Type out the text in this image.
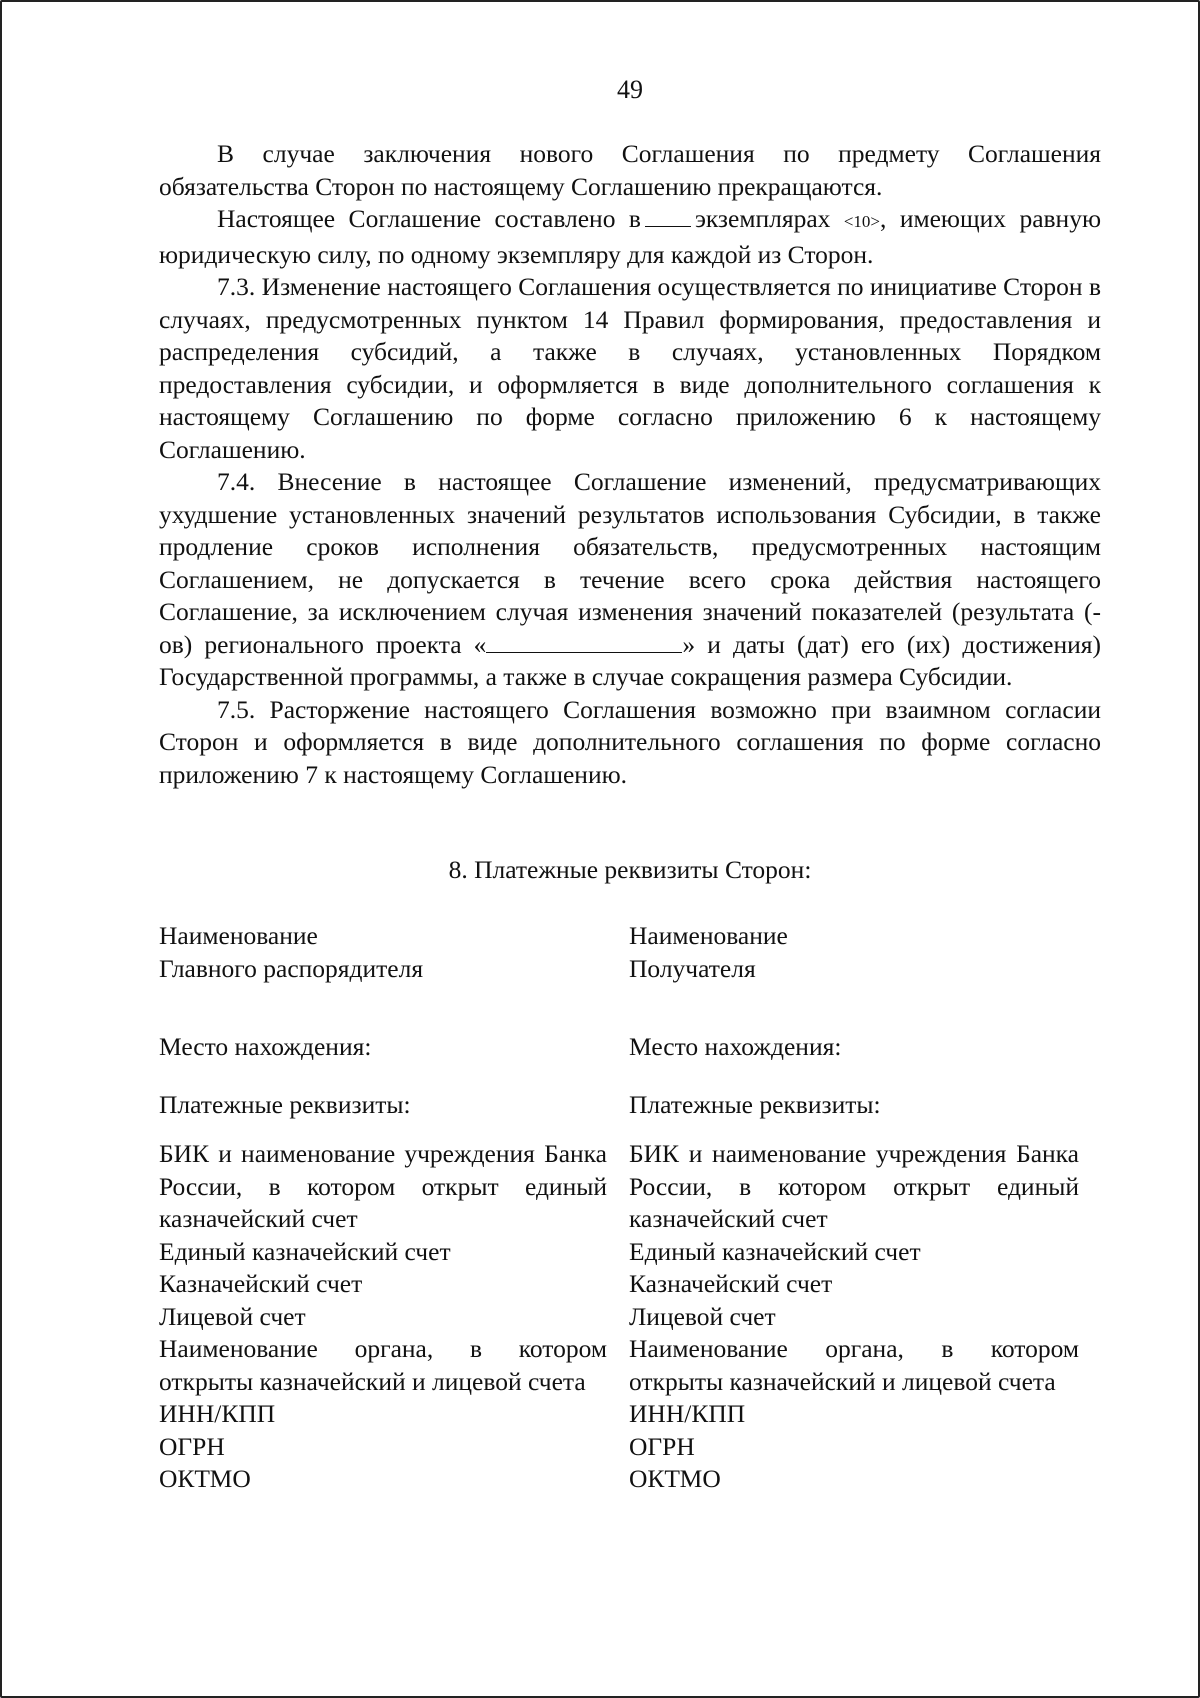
49

В случае заключения нового Соглашения по предмету Соглашения обязательства Сторон по настоящему Соглашению прекращаются.

Настоящее Соглашение составлено в экземплярах <10>, имеющих равную юридическую силу, по одному экземпляру для каждой из Сторон.

7.3. Изменение настоящего Соглашения осуществляется по инициативе Сторон в случаях, предусмотренных пунктом 14 Правил формирования, предоставления и распределения субсидий, а также в случаях, установленных Порядком предоставления субсидии, и оформляется в виде дополнительного соглашения к настоящему Соглашению по форме согласно приложению 6 к настоящему Соглашению.

7.4. Внесение в настоящее Соглашение изменений, предусматривающих ухудшение установленных значений результатов использования Субсидии, в также продление сроков исполнения обязательств, предусмотренных настоящим Соглашением, не допускается в течение всего срока действия настоящего Соглашение, за исключением случая изменения значений показателей (результата (-ов) регионального проекта «	» и даты (дат) его (их) достижения) Государственной программы, а также в случае сокращения размера Субсидии.

7.5. Расторжение настоящего Соглашения возможно при взаимном согласии Сторон и оформляется в виде дополнительного соглашения по форме согласно приложению 7 к настоящему Соглашению.

8. Платежные реквизиты Сторон:

Наименование

Главного распорядителя

Место нахождения:

Платежные реквизиты:

БИК и наименование учреждения Банка России, в котором открыт единый казначейский счет

Единый казначейский счет

Казначейский счет

Лицевой счет

Наименование органа, в котором открыты казначейский и лицевой счета

ИНН/КПП

ОГРН

ОКТМО

Наименование

Получателя

Место нахождения:

Платежные реквизиты:

БИК и наименование учреждения Банка России, в котором открыт единый казначейский счет

Единый казначейский счет

Казначейский счет

Лицевой счет

Наименование органа, в котором открыты казначейский и лицевой счета

ИНН/КПП

ОГРН

ОКТМО
